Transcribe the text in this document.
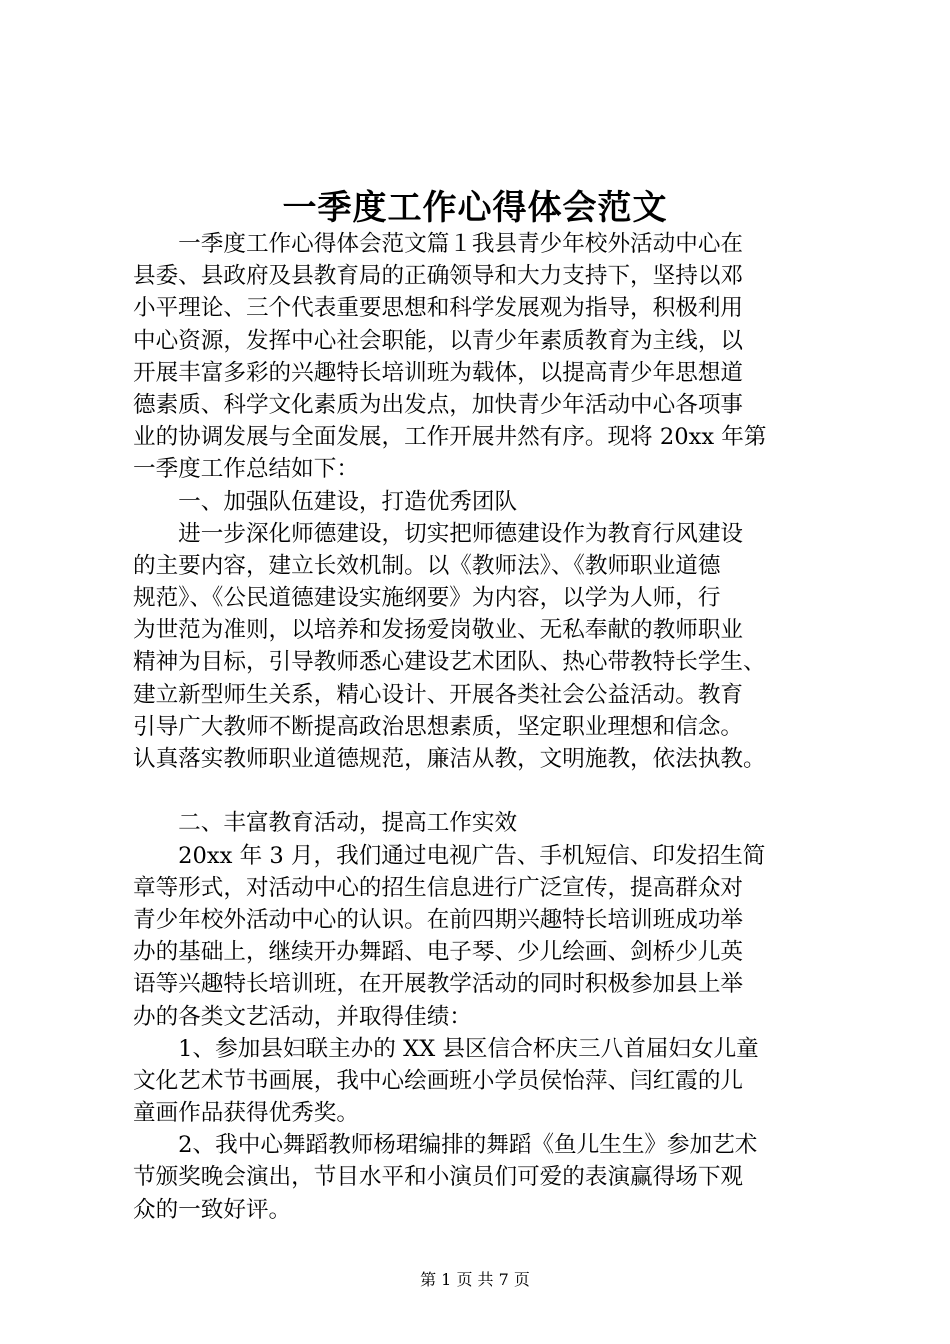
一季度工作心得体会范文
　　一季度工作心得体会范文篇１我县青少年校外活动中心在
县委、县政府及县教育局的正确领导和大力支持下，坚持以邓
小平理论、三个代表重要思想和科学发展观为指导，积极利用
中心资源，发挥中心社会职能，以青少年素质教育为主线，以
开展丰富多彩的兴趣特长培训班为载体，以提高青少年思想道
德素质、科学文化素质为出发点，加快青少年活动中心各项事
业的协调发展与全面发展，工作开展井然有序。现将 20xx 年第
一季度工作总结如下：
　　一、加强队伍建设，打造优秀团队
　　进一步深化师德建设，切实把师德建设作为教育行风建设
的主要内容，建立长效机制。以《教师法》、《教师职业道德
规范》、《公民道德建设实施纲要》为内容，以学为人师，行
为世范为准则，以培养和发扬爱岗敬业、无私奉献的教师职业
精神为目标，引导教师悉心建设艺术团队、热心带教特长学生、
建立新型师生关系，精心设计、开展各类社会公益活动。教育
引导广大教师不断提高政治思想素质，坚定职业理想和信念。
认真落实教师职业道德规范，廉洁从教，文明施教，依法执教。
　　二、丰富教育活动，提高工作实效
　　20xx 年 3 月，我们通过电视广告、手机短信、印发招生简
章等形式，对活动中心的招生信息进行广泛宣传，提高群众对
青少年校外活动中心的认识。在前四期兴趣特长培训班成功举
办的基础上，继续开办舞蹈、电子琴、少儿绘画、剑桥少儿英
语等兴趣特长培训班，在开展教学活动的同时积极参加县上举
办的各类文艺活动，并取得佳绩：
　　1、参加县妇联主办的 XX 县区信合杯庆三八首届妇女儿童
文化艺术节书画展，我中心绘画班小学员侯怡萍、闫红霞的儿
童画作品获得优秀奖。
　　2、我中心舞蹈教师杨珺编排的舞蹈《鱼儿生生》参加艺术
节颁奖晚会演出，节目水平和小演员们可爱的表演赢得场下观
众的一致好评。
第 1 页 共 7 页
